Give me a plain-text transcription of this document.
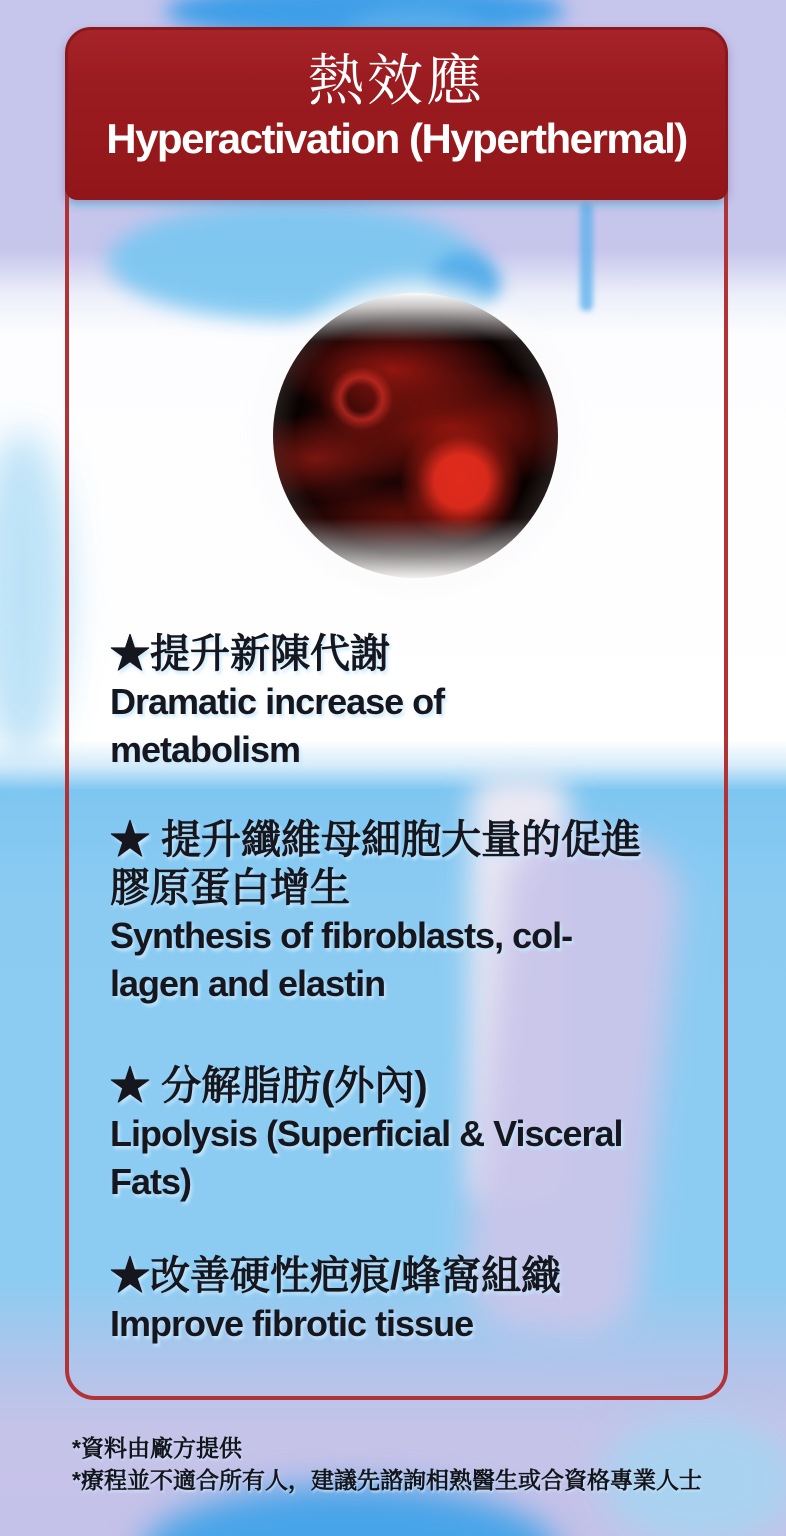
熱效應
Hyperactivation (Hyperthermal)
★提升新陳代謝
Dramatic increase of
metabolism
★ 提升纖維母細胞大量的促進
膠原蛋白增生
Synthesis of fibroblasts, col-
lagen and elastin
★ 分解脂肪(外內)
Lipolysis (Superficial & Visceral
Fats)
★改善硬性疤痕/蜂窩組織
Improve fibrotic tissue
*資料由廠方提供
*療程並不適合所有人，建議先諮詢相熟醫生或合資格專業人士
